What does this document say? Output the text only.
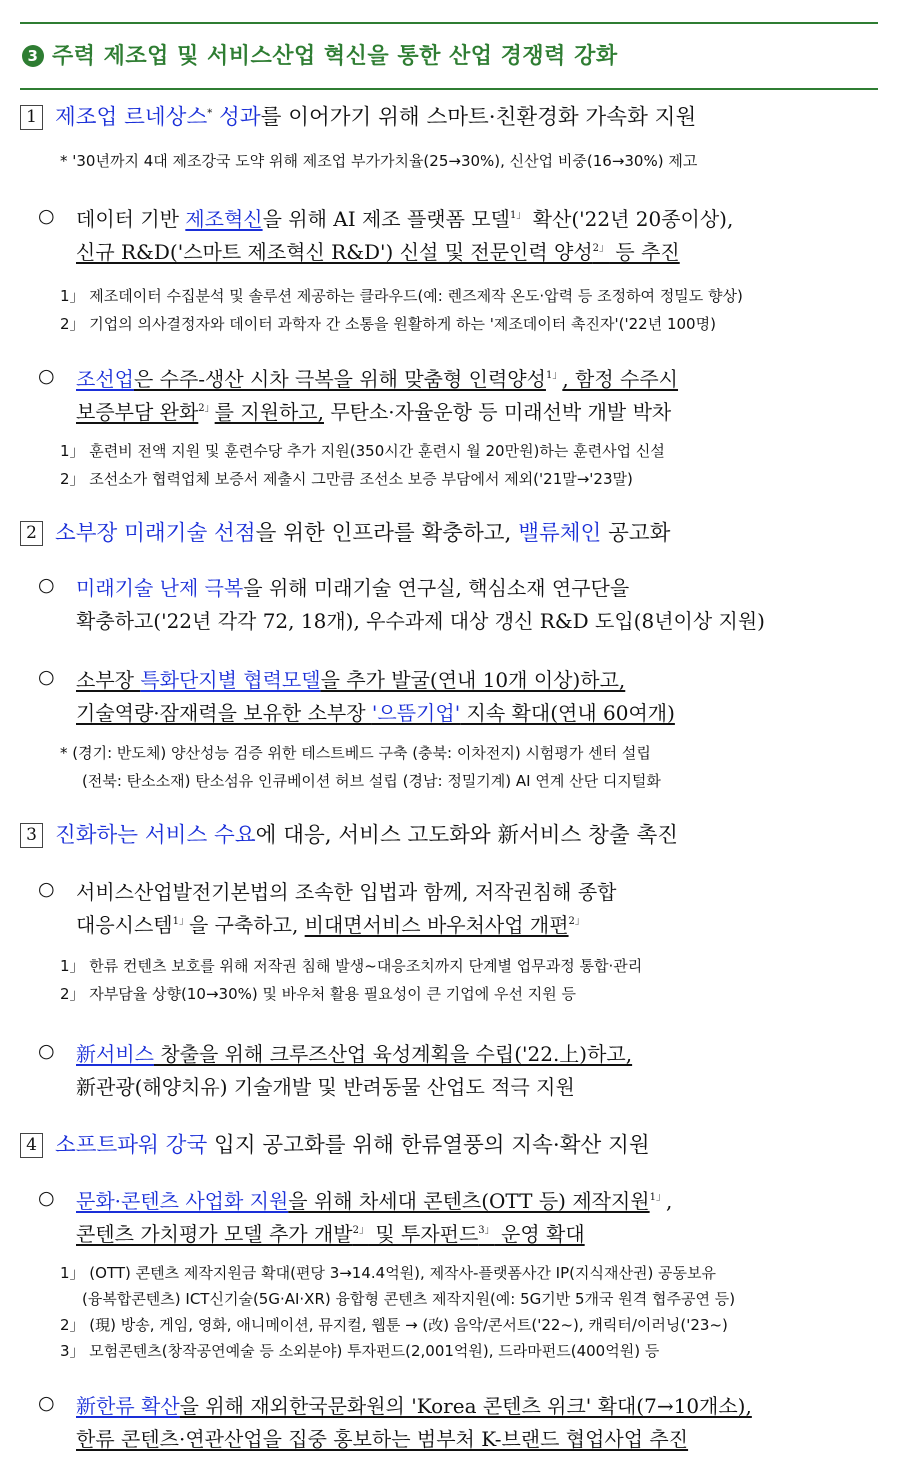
3 주력 제조업 및 서비스산업 혁신을 통한 산업 경쟁력 강화
1 제조업 르네상스* 성과를 이어가기 위해 스마트·친환경화 가속화 지원
* '30년까지 4대 제조강국 도약 위해 제조업 부가가치율(25→30%), 신산업 비중(16→30%) 제고
○ 데이터 기반 제조혁신을 위해 AI 제조 플랫폼 모델$^{1」}$ 확산('22년 20종이상),
신규 R&D('스마트 제조혁신 R&D') 신설 및 전문인력 양성$^{2」}$ 등 추진
1」 제조데이터 수집분석 및 솔루션 제공하는 클라우드(예: 렌즈제작 온도·압력 등 조정하여 정밀도 향상)
2」 기업의 의사결정자와 데이터 과학자 간 소통을 원활하게 하는 '제조데이터 촉진자'('22년 100명)
○ 조선업은 수주-생산 시차 극복을 위해 맞춤형 인력양성$^{1」}$, 함정 수주시
보증부담 완화$^{2」}$를 지원하고, 무탄소·자율운항 등 미래선박 개발 박차
1」 훈련비 전액 지원 및 훈련수당 추가 지원(350시간 훈련시 월 20만원)하는 훈련사업 신설
2」 조선소가 협력업체 보증서 제출시 그만큼 조선소 보증 부담에서 제외('21말→'23말)
2 소부장 미래기술 선점을 위한 인프라를 확충하고, 밸류체인 공고화
○ 미래기술 난제 극복을 위해 미래기술 연구실, 핵심소재 연구단을
확충하고('22년 각각 72, 18개), 우수과제 대상 갱신 R&D 도입(8년이상 지원)
○ 소부장 특화단지별 협력모델을 추가 발굴(연내 10개 이상)하고,
기술역량·잠재력을 보유한 소부장 '으뜸기업' 지속 확대(연내 60여개)
* (경기: 반도체) 양산성능 검증 위한 테스트베드 구축 (충북: 이차전지) 시험평가 센터 설립
(전북: 탄소소재) 탄소섬유 인큐베이션 허브 설립 (경남: 정밀기계) AI 연계 산단 디지털화
3 진화하는 서비스 수요에 대응, 서비스 고도화와 新서비스 창출 촉진
○ 서비스산업발전기본법의 조속한 입법과 함께, 저작권침해 종합
대응시스템$^{1」}$을 구축하고, 비대면서비스 바우처사업 개편$^{2」}$
1」 한류 컨텐츠 보호를 위해 저작권 침해 발생~대응조치까지 단계별 업무과정 통합·관리
2」 자부담율 상향(10→30%) 및 바우처 활용 필요성이 큰 기업에 우선 지원 등
○ 新서비스 창출을 위해 크루즈산업 육성계획을 수립('22.上)하고,
新관광(해양치유) 기술개발 및 반려동물 산업도 적극 지원
4 소프트파워 강국 입지 공고화를 위해 한류열풍의 지속·확산 지원
○ 문화·콘텐츠 사업화 지원을 위해 차세대 콘텐츠(OTT 등) 제작지원$^{1」}$,
콘텐츠 가치평가 모델 추가 개발$^{2」}$ 및 투자펀드$^{3」}$ 운영 확대
1」 (OTT) 콘텐츠 제작지원금 확대(편당 3→14.4억원), 제작사-플랫폼사간 IP(지식재산권) 공동보유
(융복합콘텐츠) ICT신기술(5G·AI·XR) 융합형 콘텐츠 제작지원(예: 5G기반 5개국 원격 협주공연 등)
2」 (現) 방송, 게임, 영화, 애니메이션, 뮤지컬, 웹툰 → (改) 음악/콘서트('22~), 캐릭터/이러닝('23~)
3」 모험콘텐츠(창작공연예술 등 소외분야) 투자펀드(2,001억원), 드라마펀드(400억원) 등
○ 新한류 확산을 위해 재외한국문화원의 'Korea 콘텐츠 위크' 확대(7→10개소),
한류 콘텐츠·연관산업을 집중 홍보하는 범부처 K-브랜드 협업사업 추진
